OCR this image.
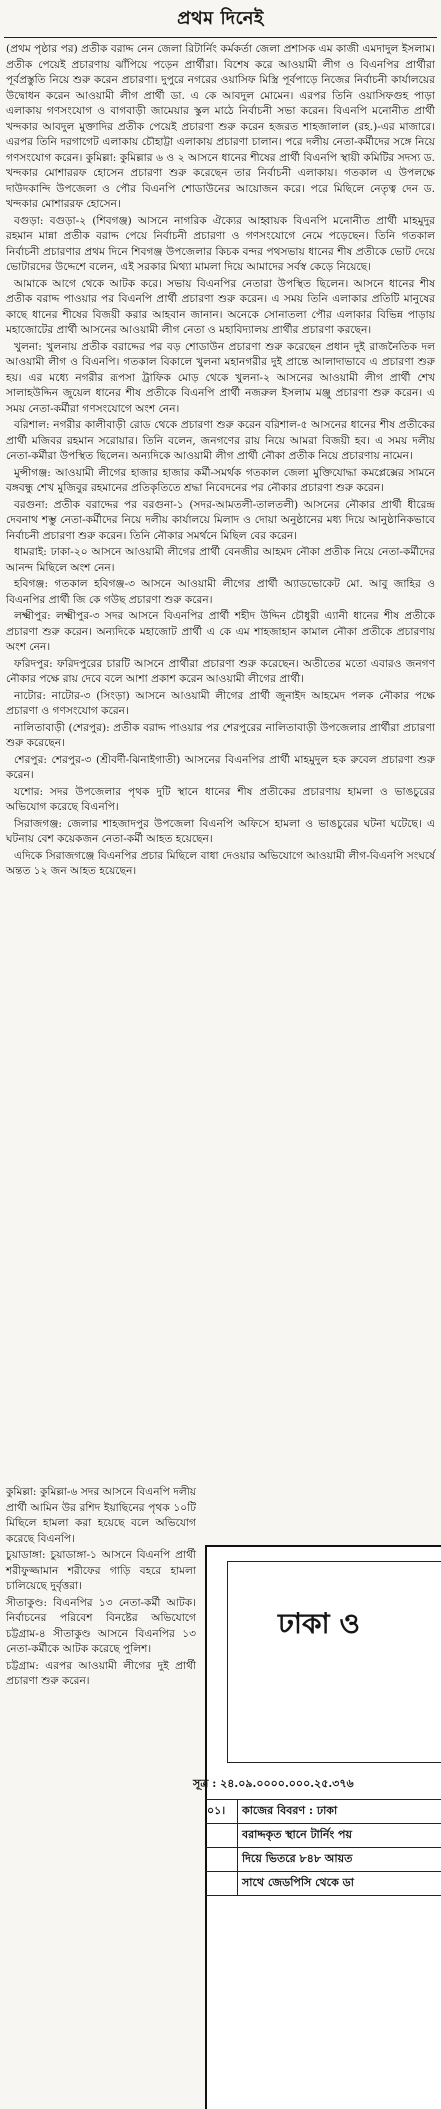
প্রথম দিনেই

(প্রথম পৃষ্ঠার পর) প্রতীক বরাদ্দ নেন জেলা রিটার্নিং কর্মকর্তা জেলা প্রশাসক এম কাজী এমদাদুল ইসলাম। প্রতীক পেয়েই প্রচারণায় ঝাঁপিয়ে পড়েন প্রার্থীরা। বিশেষ করে আওয়ামী লীগ ও বিএনপির প্রার্থীরা পূর্বপ্রস্তুতি নিয়ে শুরু করেন প্রচারণা। দুপুরে নগরের ওয়াসিফ মিস্ত্রি পূর্বপাড়ে নিজের নির্বাচনী কার্যালয়ের উদ্বোধন করেন আওয়ামী লীগ প্রার্থী ডা. এ কে আবদুল মোমেন। এরপর তিনি ওয়াসিফগুহ পাড়া এলাকায় গণসংযোগ ও বাগবাড়ী জামেয়ার স্কুল মাঠে নির্বাচনী সভা করেন। বিএনপি মনোনীত প্রার্থী খন্দকার আবদুল মুক্তাদির প্রতীক পেয়েই প্রচারণা শুরু করেন হজরত শাহজালাল (রহ.)-এর মাজারে। এরপর তিনি দরগাগেট এলাকায় চৌহাট্টা এলাকায় প্রচারণা চালান। পরে দলীয় নেতা-কর্মীদের সঙ্গে নিয়ে গণসংযোগ করেন। কুমিল্লা: কুমিল্লার ৬ ও ২ আসনে ধানের শীষের প্রার্থী বিএনপি স্থায়ী কমিটির সদস্য ড. খন্দকার মোশাররফ হোসেন প্রচারণা শুরু করেছেন তার নির্বাচনী এলাকায়। গতকাল এ উপলক্ষে দাউদকান্দি উপজেলা ও পৌর বিএনপি শোডাউনের আয়োজন করে। পরে মিছিলে নেতৃত্ব দেন ড. খন্দকার মোশাররফ হোসেন।

বগুড়া: বগুড়া-২ (শিবগঞ্জ) আসনে নাগরিক ঐক্যের আহ্বায়ক বিএনপি মনোনীত প্রার্থী মাহমুদুর রহমান মান্না প্রতীক বরাদ্দ পেয়ে নির্বাচনী প্রচারণা ও গণসংযোগে নেমে পড়েছেন। তিনি গতকাল নির্বাচনী প্রচারণার প্রথম দিনে শিবগঞ্জ উপজেলার কিচক বন্দর পথসভায় ধানের শীষ প্রতীকে ভোট দেয়ে ভোটারদের উদ্দেশে বলেন, এই সরকার মিথ্যা মামলা দিয়ে আমাদের সর্বস্ব কেড়ে নিয়েছে।

আমাকে আগে থেকে আটক করে। সভায় বিএনপির নেতারা উপস্থিত ছিলেন। আসনে ধানের শীষ প্রতীক বরাদ্দ পাওয়ার পর বিএনপি প্রার্থী প্রচারণা শুরু করেন। এ সময় তিনি এলাকার প্রতিটি মানুষের কাছে ধানের শীষের বিজয়ী করার আহবান জানান। অনেকে সোনাতলা পৌর এলাকার বিভিন্ন পাড়ায় মহাজোটের প্রার্থী আসনের আওয়ামী লীগ নেতা ও মহাবিদ্যালয় প্রার্থীর প্রচারণা করছেন।

খুলনা: খুলনায় প্রতীক বরাদ্দের পর বড় শোডাউন প্রচারণা শুরু করেছেন প্রধান দুই রাজনৈতিক দল আওয়ামী লীগ ও বিএনপি। গতকাল বিকালে খুলনা মহানগরীর দুই প্রান্তে আলাদাভাবে এ প্রচারণা শুরু হয়। এর মধ্যে নগরীর রূপসা ট্রাফিক মোড় থেকে খুলনা-২ আসনের আওয়ামী লীগ প্রার্থী শেখ সালাহউদ্দিন জুয়েল ধানের শীষ প্রতীকে বিএনপি প্রার্থী নজরুল ইসলাম মঞ্জু প্রচারণা শুরু করেন। এ সময় নেতা-কর্মীরা গণসংযোগে অংশ নেন।

বরিশাল: নগরীর কালীবাড়ী রোড থেকে প্রচারণা শুরু করেন বরিশাল-৫ আসনের ধানের শীষ প্রতীকের প্রার্থী মজিবর রহমান সরোয়ার। তিনি বলেন, জনগণের রায় নিয়ে আমরা বিজয়ী হব। এ সময় দলীয় নেতা-কর্মীরা উপস্থিত ছিলেন। অন্যদিকে আওয়ামী লীগ প্রার্থী নৌকা প্রতীক নিয়ে প্রচারণায় নামেন।

মুন্সীগঞ্জ: আওয়ামী লীগের হাজার হাজার কর্মী-সমর্থক গতকাল জেলা মুক্তিযোদ্ধা কমপ্লেক্সের সামনে বঙ্গবন্ধু শেখ মুজিবুর রহমানের প্রতিকৃতিতে শ্রদ্ধা নিবেদনের পর নৌকার প্রচারণা শুরু করেন।

বরগুনা: প্রতীক বরাদ্দের পর বরগুনা-১ (সদর-আমতলী-তালতলী) আসনের নৌকার প্রার্থী ধীরেন্দ্র দেবনাথ শম্ভু নেতা-কর্মীদের নিয়ে দলীয় কার্যালয়ে মিলাদ ও দোয়া অনুষ্ঠানের মধ্য দিয়ে আনুষ্ঠানিকভাবে নির্বাচনী প্রচারণা শুরু করেন। তিনি নৌকার সমর্থনে মিছিল বের করেন।

ধামরাই: ঢাকা-২০ আসনে আওয়ামী লীগের প্রার্থী বেনজীর আহমদ নৌকা প্রতীক নিয়ে নেতা-কর্মীদের আনন্দ মিছিলে অংশ নেন।

হবিগঞ্জ: গতকাল হবিগঞ্জ-৩ আসনে আওয়ামী লীগের প্রার্থী অ্যাডভোকেট মো. আবু জাহির ও বিএনপির প্রার্থী জি কে গউছ প্রচারণা শুরু করেন।

লক্ষ্মীপুর: লক্ষ্মীপুর-৩ সদর আসনে বিএনপির প্রার্থী শহীদ উদ্দিন চৌধুরী এ্যানী ধানের শীষ প্রতীকে প্রচারণা শুরু করেন। অন্যদিকে মহাজোট প্রার্থী এ কে এম শাহজাহান কামাল নৌকা প্রতীকে প্রচারণায় অংশ নেন।

ফরিদপুর: ফরিদপুরের চারটি আসনে প্রার্থীরা প্রচারণা শুরু করেছেন। অতীতের মতো এবারও জনগণ নৌকার পক্ষে রায় দেবে বলে আশা প্রকাশ করেন আওয়ামী লীগের প্রার্থী।

নাটোর: নাটোর-৩ (সিংড়া) আসনে আওয়ামী লীগের প্রার্থী জুনাইদ আহমেদ পলক নৌকার পক্ষে প্রচারণা ও গণসংযোগ করেন।

নালিতাবাড়ী (শেরপুর): প্রতীক বরাদ্দ পাওয়ার পর শেরপুরের নালিতাবাড়ী উপজেলার প্রার্থীরা প্রচারণা শুরু করেছেন।

শেরপুর: শেরপুর-৩ (শ্রীবর্দী-ঝিনাইগাতী) আসনের বিএনপির প্রার্থী মাহমুদুল হক রুবেল প্রচারণা শুরু করেন।

যশোর: সদর উপজেলার পৃথক দুটি স্থানে ধানের শীষ প্রতীকের প্রচারণায় হামলা ও ভাঙচুরের অভিযোগ করেছে বিএনপি।

সিরাজগঞ্জ: জেলার শাহজাদপুর উপজেলা বিএনপি অফিসে হামলা ও ভাঙচুরের ঘটনা ঘটেছে। এ ঘটনায় বেশ কয়েকজন নেতা-কর্মী আহত হয়েছেন।

এদিকে সিরাজগঞ্জে বিএনপির প্রচার মিছিলে বাধা দেওয়ার অভিযোগে আওয়ামী লীগ-বিএনপি সংঘর্ষে অন্তত ১২ জন আহত হয়েছেন।

কুমিল্লা: কুমিল্লা-৬ সদর আসনে বিএনপি দলীয় প্রার্থী আমিন উর রশিদ ইয়াছিনের পৃথক ১০টি মিছিলে হামলা করা হয়েছে বলে অভিযোগ করেছে বিএনপি।

চুয়াডাঙ্গা: চুয়াডাঙ্গা-১ আসনে বিএনপি প্রার্থী শরীফুজ্জামান শরীফের গাড়ি বহরে হামলা চালিয়েছে দুর্বৃত্তরা।

সীতাকুণ্ড: বিএনপির ১৩ নেতা-কর্মী আটক। নির্বাচনের পরিবেশ বিনষ্টের অভিযোগে চট্টগ্রাম-৪ সীতাকুণ্ড আসনে বিএনপির ১৩ নেতা-কর্মীকে আটক করেছে পুলিশ।

চট্টগ্রাম: এরপর আওয়ামী লীগের দুই প্রার্থী প্রচারণা শুরু করেন।

ঢাকা ও
সূত্র : ২৪.০৯.০০০০.০০০.২৫.৩৭৬
০১।	কাজের বিবরণ : ঢাকা
বরাদ্দকৃত স্থানে টার্নিং পয়
দিয়ে ভিতরে ৮৪৮ আয়ত
সাথে জেডপিসি থেকে ডা
